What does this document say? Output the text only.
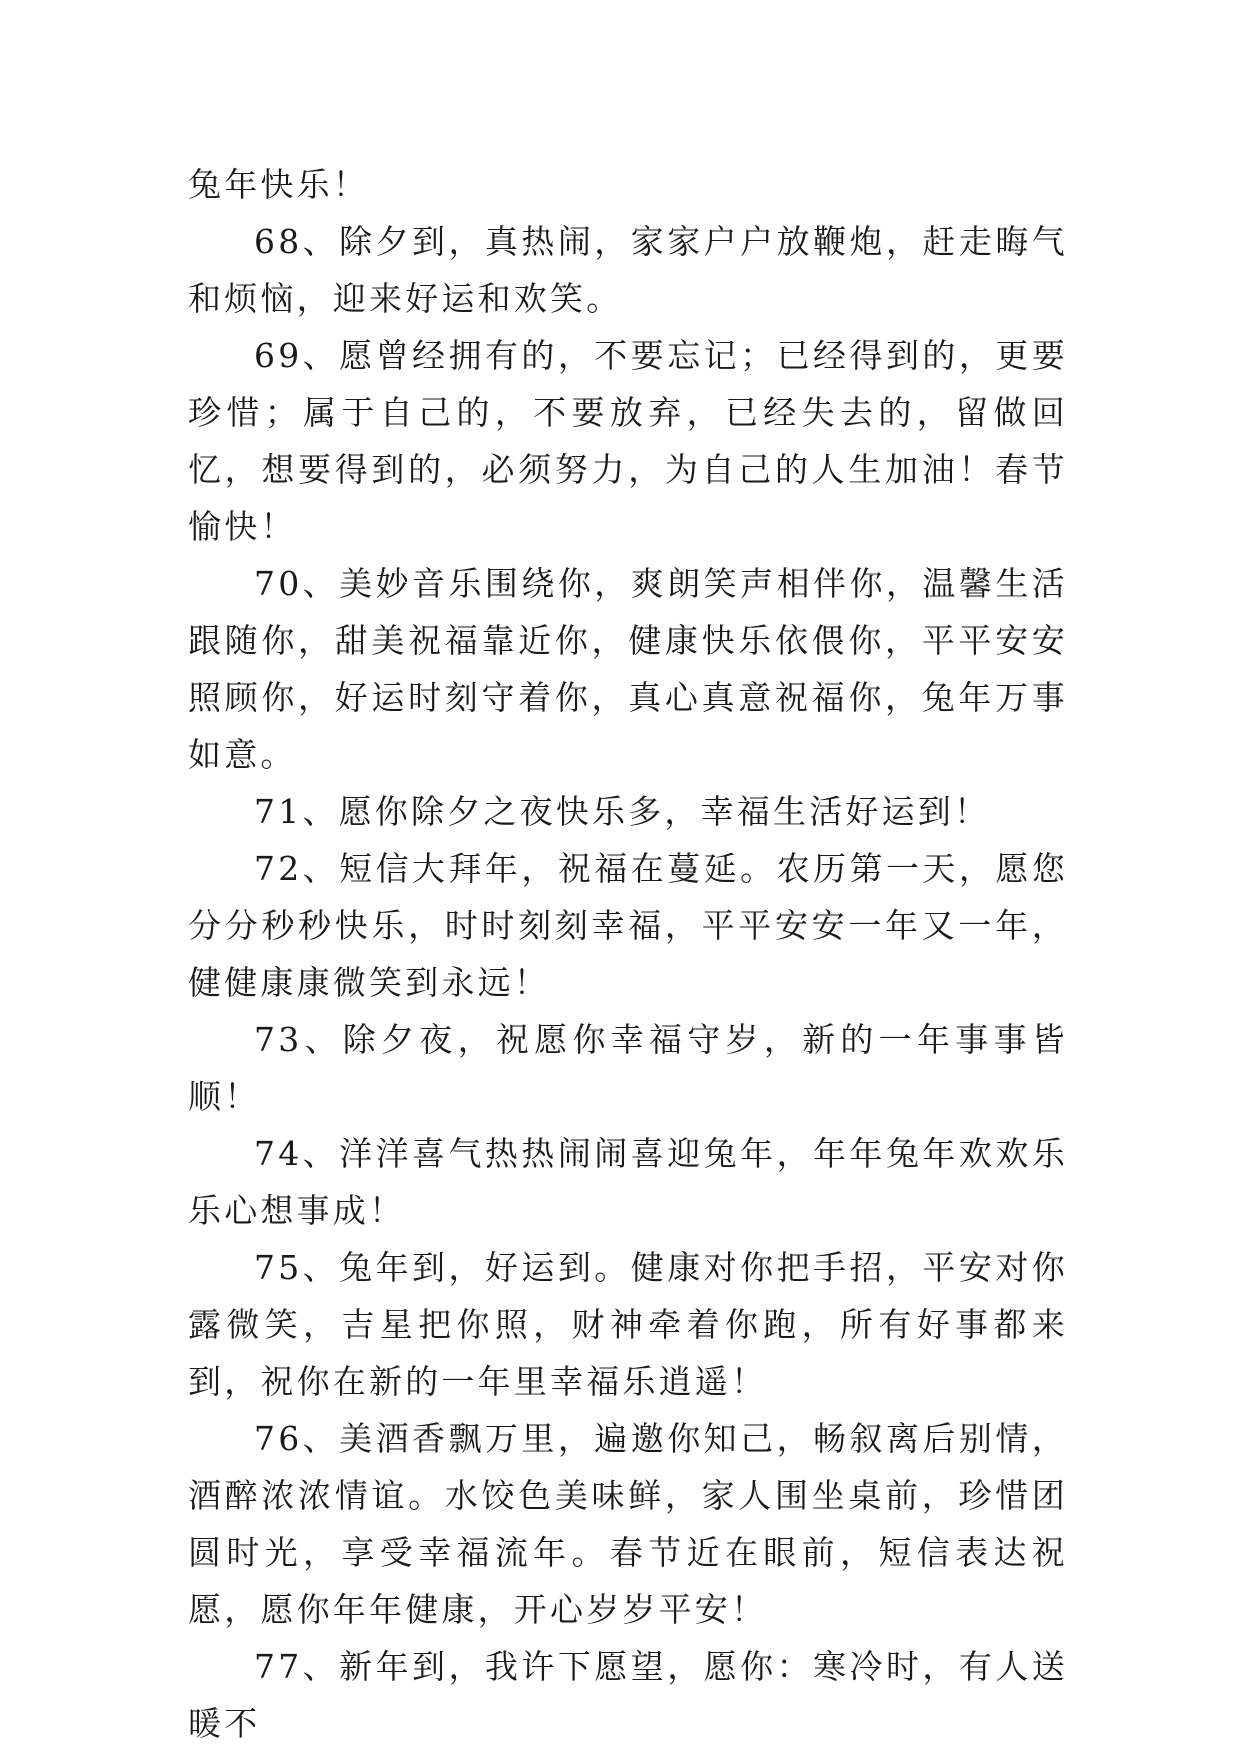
兔年快乐！

68、除夕到，真热闹，家家户户放鞭炮，赶走晦气和烦恼，迎来好运和欢笑。

69、愿曾经拥有的，不要忘记；已经得到的，更要珍惜；属于自己的，不要放弃，已经失去的，留做回忆，想要得到的，必须努力，为自己的人生加油！春节愉快！

70、美妙音乐围绕你，爽朗笑声相伴你，温馨生活跟随你，甜美祝福靠近你，健康快乐依偎你，平平安安照顾你，好运时刻守着你，真心真意祝福你，兔年万事如意。

71、愿你除夕之夜快乐多，幸福生活好运到！

72、短信大拜年，祝福在蔓延。农历第一天，愿您分分秒秒快乐，时时刻刻幸福，平平安安一年又一年，健健康康微笑到永远！

73、除夕夜，祝愿你幸福守岁，新的一年事事皆顺！

74、洋洋喜气热热闹闹喜迎兔年，年年兔年欢欢乐乐心想事成！

75、兔年到，好运到。健康对你把手招，平安对你露微笑，吉星把你照，财神牵着你跑，所有好事都来到，祝你在新的一年里幸福乐逍遥！

76、美酒香飘万里，遍邀你知己，畅叙离后别情，酒醉浓浓情谊。水饺色美味鲜，家人围坐桌前，珍惜团圆时光，享受幸福流年。春节近在眼前，短信表达祝愿，愿你年年健康，开心岁岁平安！

77、新年到，我许下愿望，愿你：寒冷时，有人送暖不
